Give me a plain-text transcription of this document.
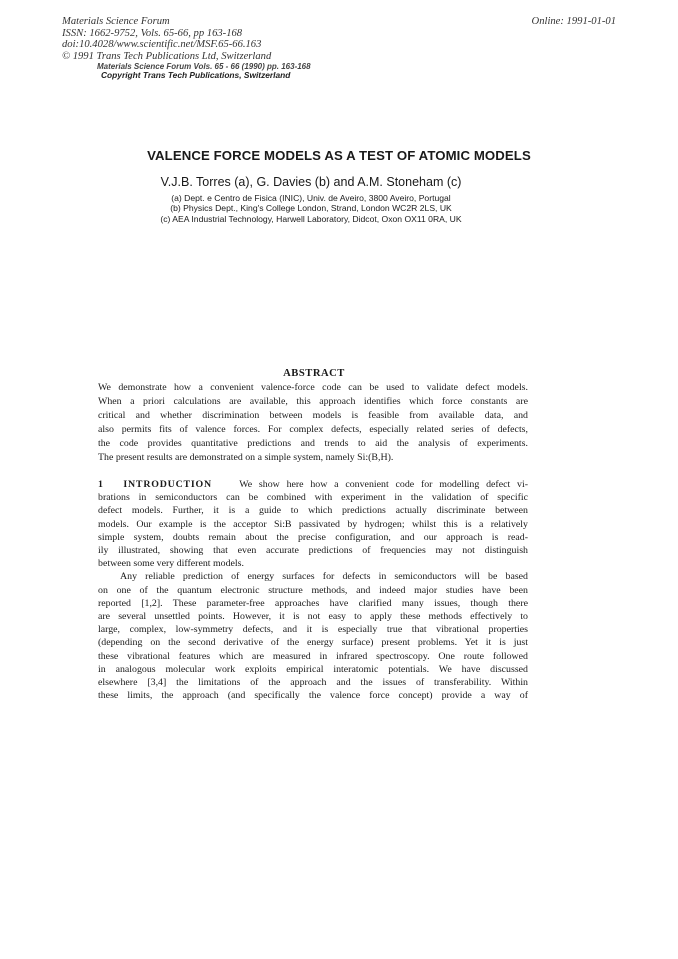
Materials Science Forum
ISSN: 1662-9752, Vols. 65-66, pp 163-168
doi:10.4028/www.scientific.net/MSF.65-66.163
© 1991 Trans Tech Publications Ltd, Switzerland
Online: 1991-01-01
Materials Science Forum Vols. 65 - 66 (1990) pp. 163-168
Copyright Trans Tech Publications, Switzerland
VALENCE FORCE MODELS AS A TEST OF ATOMIC MODELS
V.J.B. Torres (a), G. Davies (b) and A.M. Stoneham (c)
(a) Dept. e Centro de Fisica (INIC), Univ. de Aveiro, 3800 Aveiro, Portugal
(b) Physics Dept., King's College London, Strand, London WC2R 2LS, UK
(c) AEA Industrial Technology, Harwell Laboratory, Didcot, Oxon OX11 0RA, UK
ABSTRACT
We demonstrate how a convenient valence-force code can be used to validate defect models.
When a priori calculations are available, this approach identifies which force constants are
critical and whether discrimination between models is feasible from available data, and
also permits fits of valence forces. For complex defects, especially related series of defects,
the code provides quantitative predictions and trends to aid the analysis of experiments.
The present results are demonstrated on a simple system, namely Si:(B,H).
1 INTRODUCTION	We show here how a convenient code for modelling defect vi-
brations in semiconductors can be combined with experiment in the validation of specific
defect models. Further, it is a guide to which predictions actually discriminate between
models. Our example is the acceptor Si:B passivated by hydrogen; whilst this is a relatively
simple system, doubts remain about the precise configuration, and our approach is read-
ily illustrated, showing that even accurate predictions of frequencies may not distinguish
between some very different models.
Any reliable prediction of energy surfaces for defects in semiconductors will be based
on one of the quantum electronic structure methods, and indeed major studies have been
reported [1,2]. These parameter-free approaches have clarified many issues, though there
are several unsettled points. However, it is not easy to apply these methods effectively to
large, complex, low-symmetry defects, and it is especially true that vibrational properties
(depending on the second derivative of the energy surface) present problems. Yet it is just
these vibrational features which are measured in infrared spectroscopy. One route followed
in analogous molecular work exploits empirical interatomic potentials. We have discussed
elsewhere [3,4] the limitations of the approach and the issues of transferability. Within
these limits, the approach (and specifically the valence force concept) provide a way of
